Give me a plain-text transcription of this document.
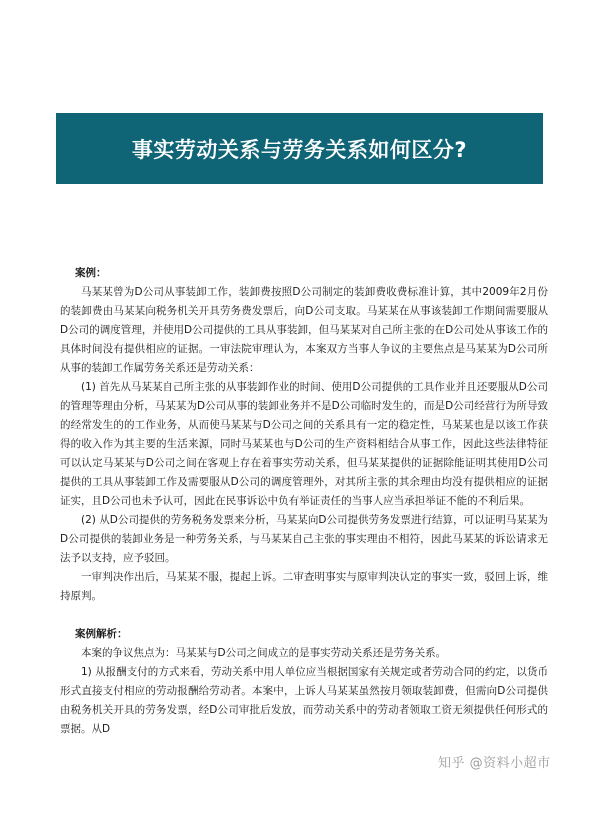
事实劳动关系与劳务关系如何区分?

案例：

马某某曾为D公司从事装卸工作，装卸费按照D公司制定的装卸费收费标准计算，其中2009年2月份的装卸费由马某某向税务机关开具劳务费发票后，向D公司支取。马某某在从事该装卸工作期间需要服从D公司的调度管理，并使用D公司提供的工具从事装卸，但马某某对自己所主张的在D公司处从事该工作的具体时间没有提供相应的证据。一审法院审理认为，本案双方当事人争议的主要焦点是马某某为D公司所从事的装卸工作属劳务关系还是劳动关系：

(1) 首先从马某某自己所主张的从事装卸作业的时间、使用D公司提供的工具作业并且还要服从D公司的管理等理由分析，马某某为D公司从事的装卸业务并不是D公司临时发生的，而是D公司经营行为所导致的经常发生的的工作业务，从而使马某某与D公司之间的关系具有一定的稳定性，马某某也是以该工作获得的收入作为其主要的生活来源，同时马某某也与D公司的生产资料相结合从事工作，因此这些法律特征可以认定马某某与D公司之间在客观上存在着事实劳动关系，但马某某提供的证据除能证明其使用D公司提供的工具从事装卸工作及需要服从D公司的调度管理外，对其所主张的其余理由均没有提供相应的证据证实，且D公司也未予认可，因此在民事诉讼中负有举证责任的当事人应当承担举证不能的不利后果。

(2) 从D公司提供的劳务税务发票来分析，马某某向D公司提供劳务发票进行结算，可以证明马某某为D公司提供的装卸业务是一种劳务关系，与马某某自己主张的事实理由不相符，因此马某某的诉讼请求无法予以支持，应予驳回。

一审判决作出后，马某某不服，提起上诉。二审查明事实与原审判决认定的事实一致，驳回上诉，维持原判。

案例解析：

本案的争议焦点为：马某某与D公司之间成立的是事实劳动关系还是劳务关系。

1) 从报酬支付的方式来看，劳动关系中用人单位应当根据国家有关规定或者劳动合同的约定，以货币形式直接支付相应的劳动报酬给劳动者。本案中，上诉人马某某虽然按月领取装卸费，但需向D公司提供由税务机关开具的劳务发票，经D公司审批后发放，而劳动关系中的劳动者领取工资无须提供任何形式的票据。从D

知乎 @资料小超市
